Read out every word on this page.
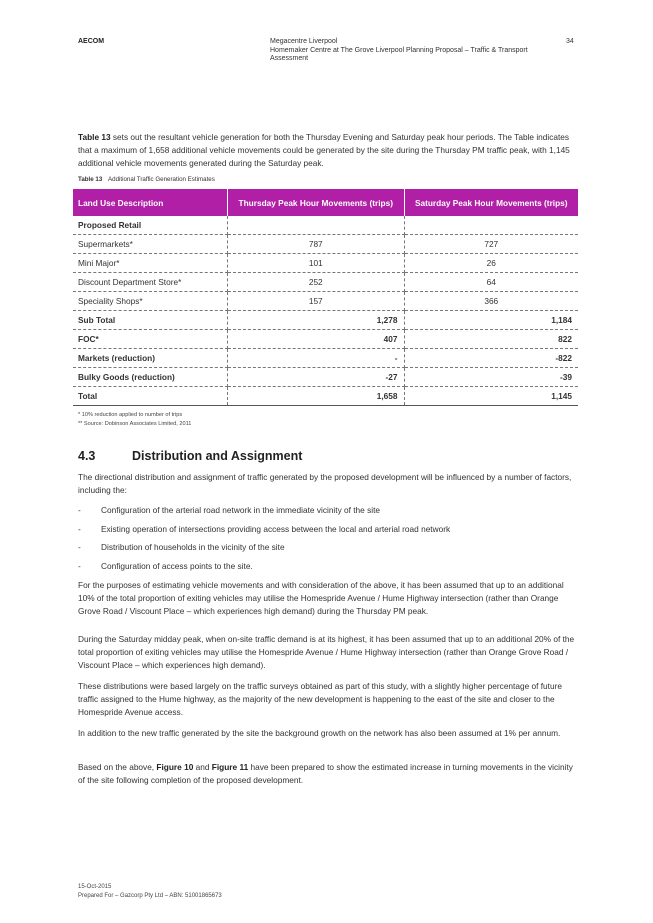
AECOM	Megacentre Liverpool
Homemaker Centre at The Grove Liverpool Planning Proposal – Traffic & Transport Assessment
34
Table 13 sets out the resultant vehicle generation for both the Thursday Evening and Saturday peak hour periods. The Table indicates that a maximum of 1,658 additional vehicle movements could be generated by the site during the Thursday PM traffic peak, with 1,145 additional vehicle movements generated during the Saturday peak.
Table 13 Additional Traffic Generation Estimates
Land Use Description	Thursday Peak Hour Movements (trips)	Saturday Peak Hour Movements (trips)
Proposed Retail		
Supermarkets*	787	727
Mini Major*	101	26
Discount Department Store*	252	64
Speciality Shops*	157	366
Sub Total	1,278	1,184
FOC*	407	822
Markets (reduction)	-	-822
Bulky Goods (reduction)	-27	-39
Total	1,658	1,145
* 10% reduction applied to number of trips
** Source: Dobinson Associates Limited, 2011
4.3	Distribution and Assignment
The directional distribution and assignment of traffic generated by the proposed development will be influenced by a number of factors, including the:
-	Configuration of the arterial road network in the immediate vicinity of the site
-	Existing operation of intersections providing access between the local and arterial road network
-	Distribution of households in the vicinity of the site
-	Configuration of access points to the site.
For the purposes of estimating vehicle movements and with consideration of the above, it has been assumed that up to an additional 10% of the total proportion of exiting vehicles may utilise the Homespride Avenue / Hume Highway intersection (rather than Orange Grove Road / Viscount Place – which experiences high demand) during the Thursday PM peak.
During the Saturday midday peak, when on-site traffic demand is at its highest, it has been assumed that up to an additional 20% of the total proportion of exiting vehicles may utilise the Homespride Avenue / Hume Highway intersection (rather than Orange Grove Road / Viscount Place – which experiences high demand).
These distributions were based largely on the traffic surveys obtained as part of this study, with a slightly higher percentage of future traffic assigned to the Hume highway, as the majority of the new development is happening to the east of the site and closer to the Homespride Avenue access.
In addition to the new traffic generated by the site the background growth on the network has also been assumed at 1% per annum.
Based on the above, Figure 10 and Figure 11 have been prepared to show the estimated increase in turning movements in the vicinity of the site following completion of the proposed development.
15-Oct-2015
Prepared For – Gazcorp Pty Ltd – ABN: 51001865673
